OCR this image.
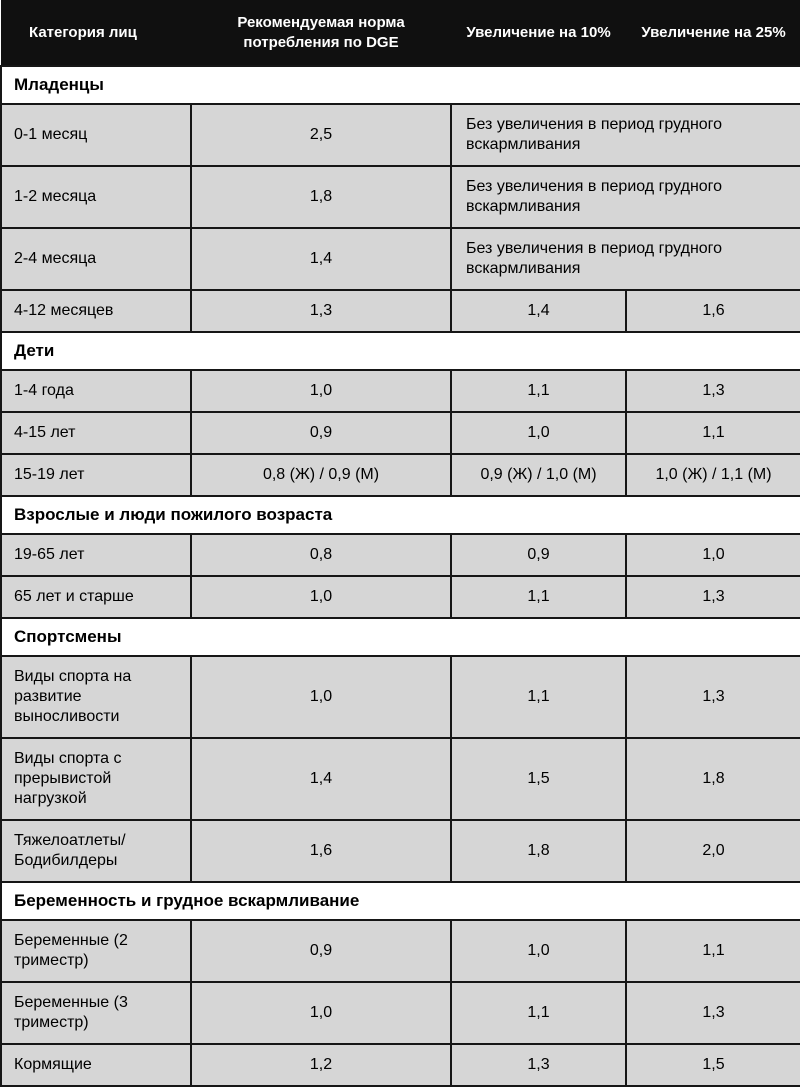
Категория лиц	Рекомендуемая норма потребления по DGE	Увеличение на 10%	Увеличение на 25%
Младенцы			
0-1 месяц	2,5	Без увеличения в период грудного вскармливания	
1-2 месяца	1,8	Без увеличения в период грудного вскармливания	
2-4 месяца	1,4	Без увеличения в период грудного вскармливания	
4-12 месяцев	1,3	1,4	1,6
Дети			
1-4 года	1,0	1,1	1,3
4-15 лет	0,9	1,0	1,1
15-19 лет	0,8 (Ж) / 0,9 (М)	0,9 (Ж) / 1,0 (М)	1,0 (Ж) / 1,1 (М)
Взрослые и люди пожилого возраста			
19-65 лет	0,8	0,9	1,0
65 лет и старше	1,0	1,1	1,3
Спортсмены			
Виды спорта на развитие выносливости	1,0	1,1	1,3
Виды спорта с прерывистой нагрузкой	1,4	1,5	1,8
Тяжелоатлеты/ Бодибилдеры	1,6	1,8	2,0
Беременность и грудное вскармливание			
Беременные (2 триместр)	0,9	1,0	1,1
Беременные (3 триместр)	1,0	1,1	1,3
Кормящие	1,2	1,3	1,5
